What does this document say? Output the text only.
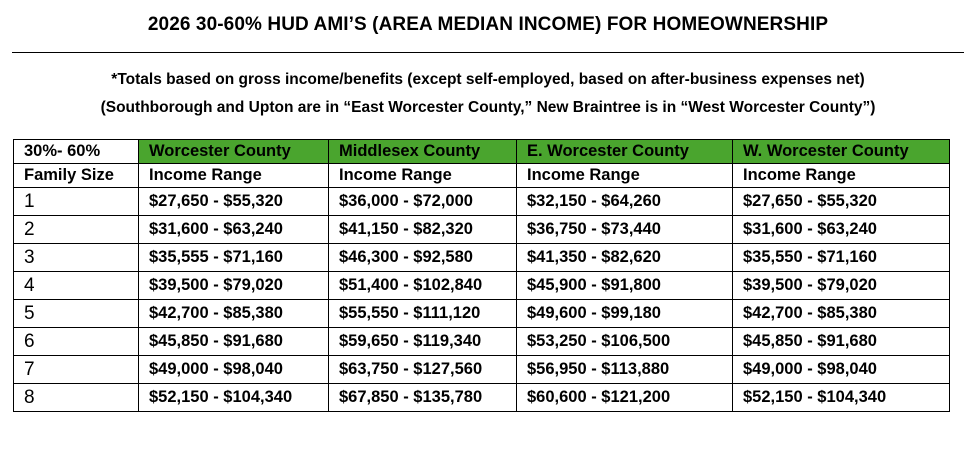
2026 30-60% HUD AMI’S (AREA MEDIAN INCOME) FOR HOMEOWNERSHIP
*Totals based on gross income/benefits (except self-employed, based on after-business expenses net)
(Southborough and Upton are in “East Worcester County,” New Braintree is in “West Worcester County”)
30%- 60%	Worcester County	Middlesex County	E. Worcester County	W. Worcester County
Family Size	Income Range	Income Range	Income Range	Income Range
1	$27,650 - $55,320	$36,000 - $72,000	$32,150 - $64,260	$27,650 - $55,320
2	$31,600 - $63,240	$41,150 - $82,320	$36,750 - $73,440	$31,600 - $63,240
3	$35,555 - $71,160	$46,300 - $92,580	$41,350 - $82,620	$35,550 - $71,160
4	$39,500 - $79,020	$51,400 - $102,840	$45,900 - $91,800	$39,500 - $79,020
5	$42,700 - $85,380	$55,550 - $111,120	$49,600 - $99,180	$42,700 - $85,380
6	$45,850 - $91,680	$59,650 - $119,340	$53,250 - $106,500	$45,850 - $91,680
7	$49,000 - $98,040	$63,750 - $127,560	$56,950 - $113,880	$49,000 - $98,040
8	$52,150 - $104,340	$67,850 - $135,780	$60,600 - $121,200	$52,150 - $104,340
